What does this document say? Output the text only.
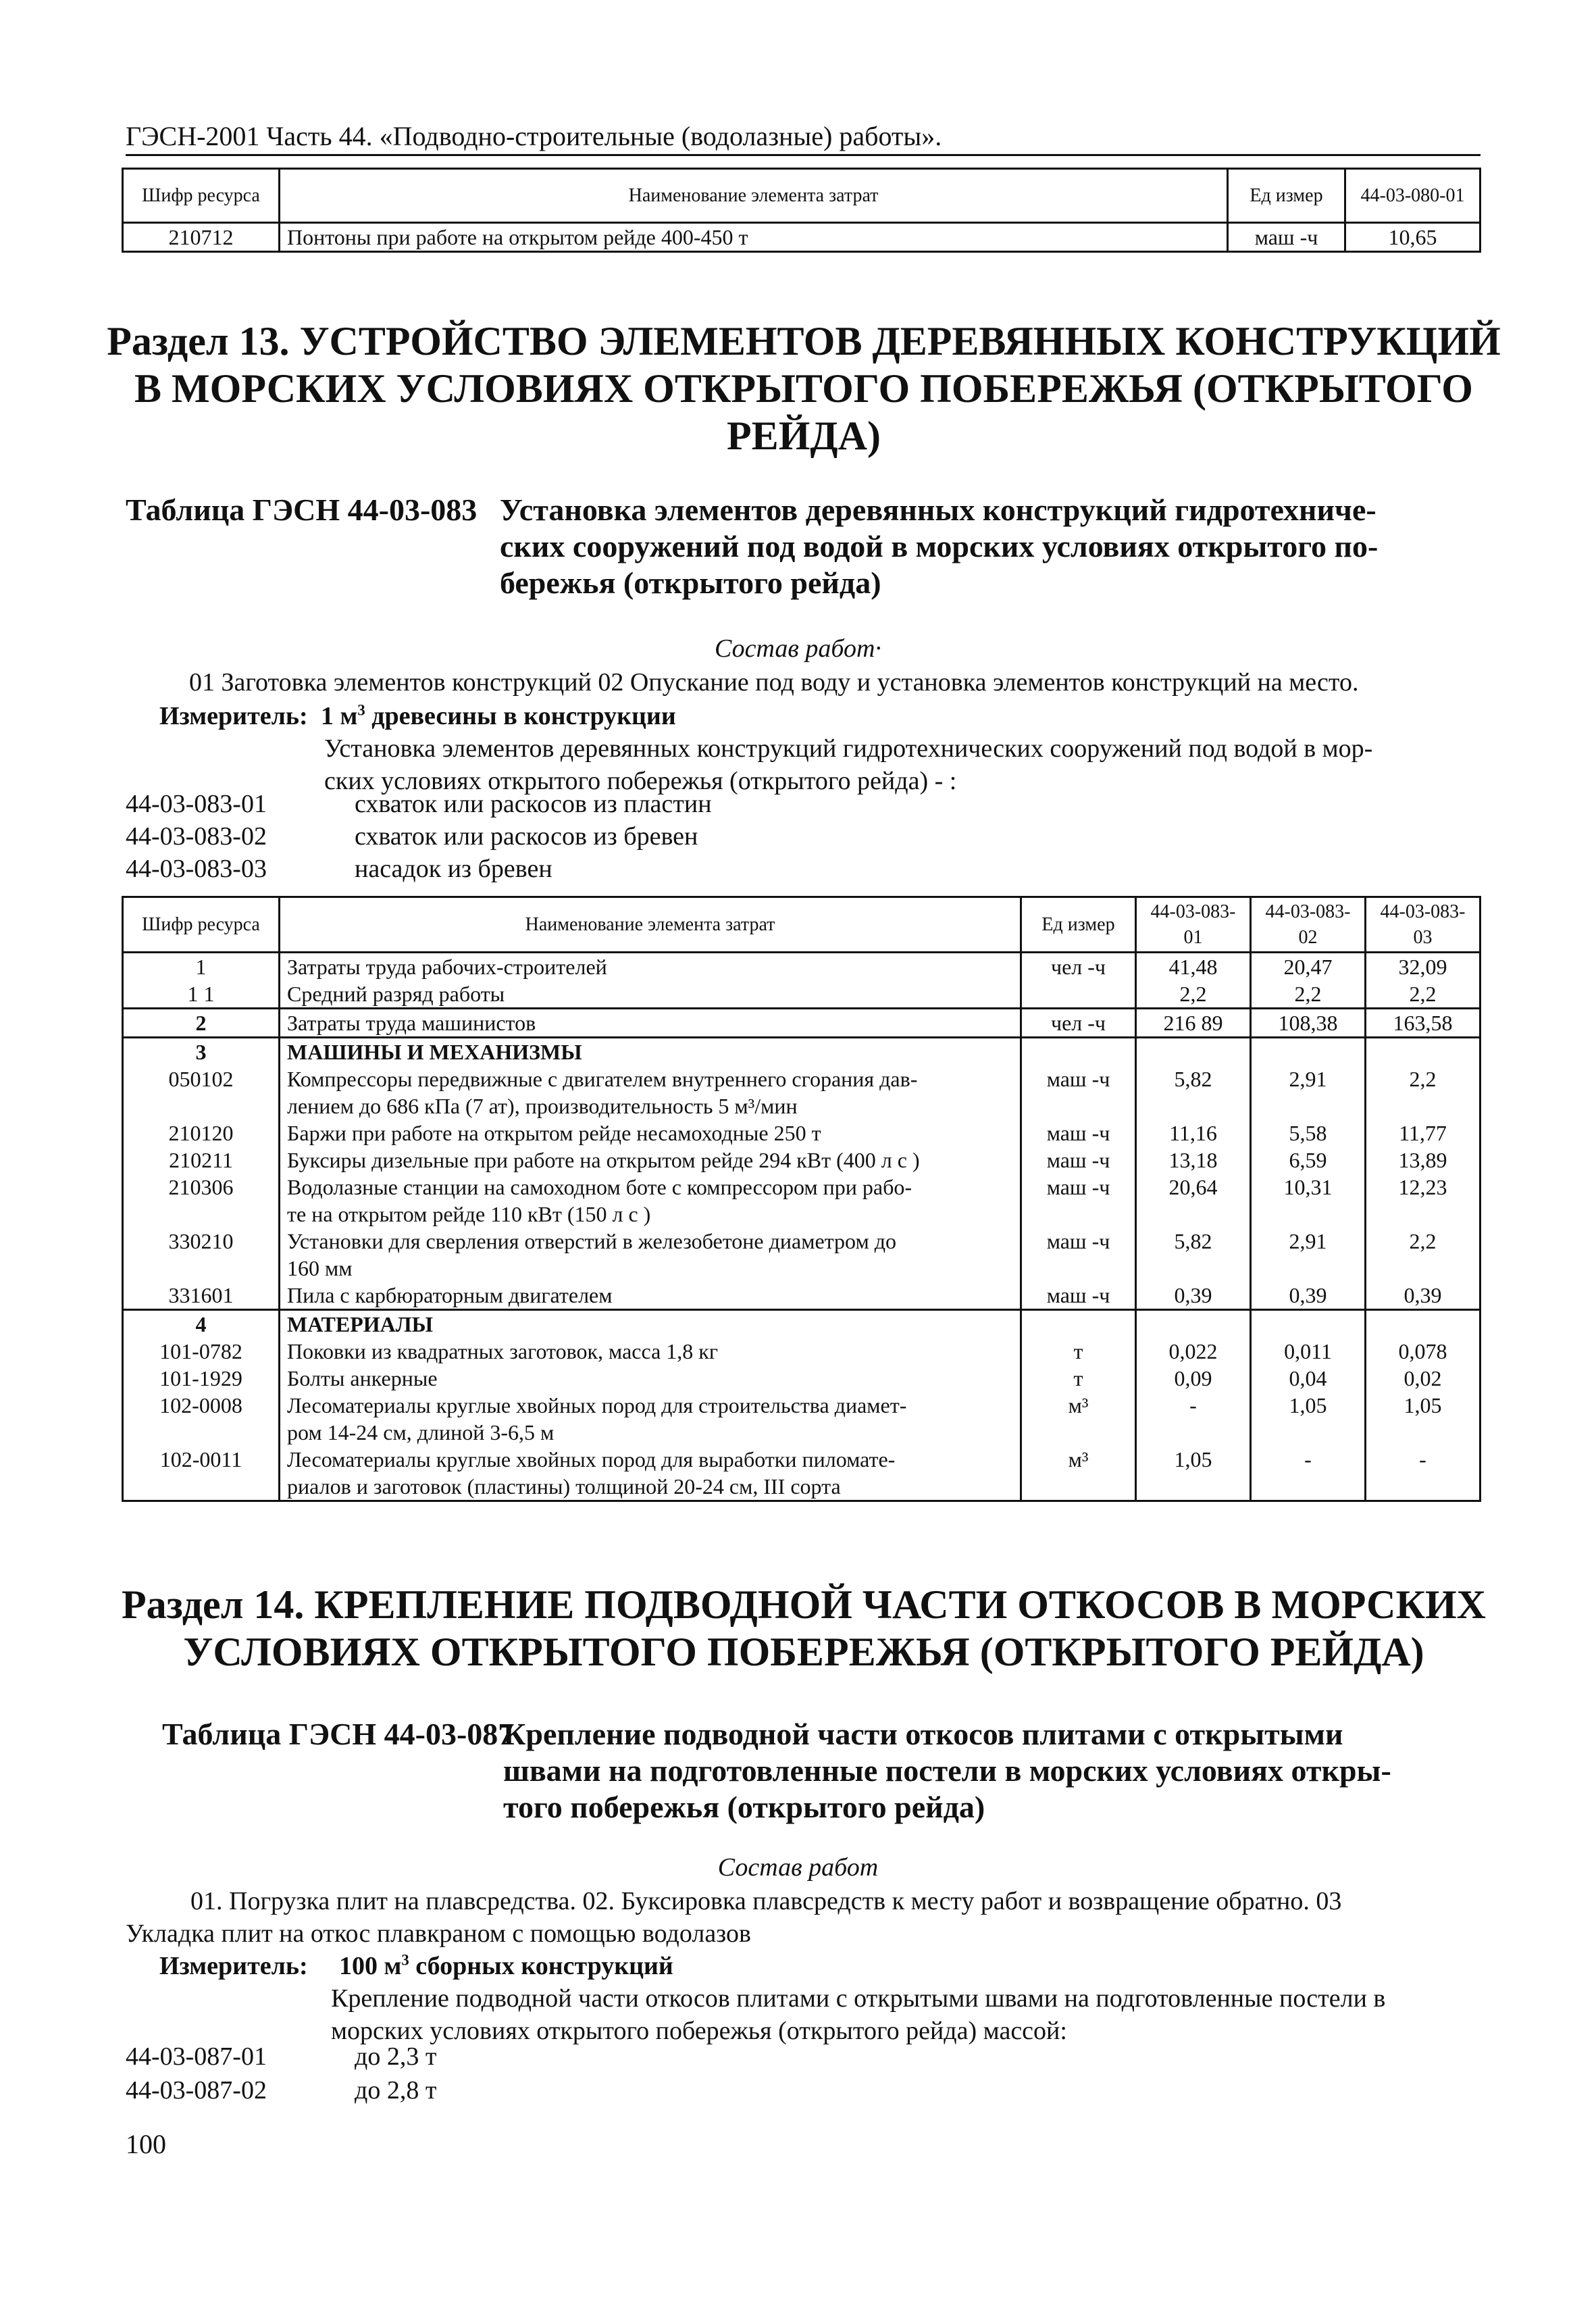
ГЭСН-2001 Часть 44. «Подводно-строительные (водолазные) работы».
Шифр ресурса	Наименование элемента затрат	Ед измер	44-03-080-01
210712	Понтоны при работе на открытом рейде 400-450 т	маш -ч	10,65
Раздел 13. УСТРОЙСТВО ЭЛЕМЕНТОВ ДЕРЕВЯННЫХ КОНСТРУКЦИЙ
В МОРСКИХ УСЛОВИЯХ ОТКРЫТОГО ПОБЕРЕЖЬЯ (ОТКРЫТОГО
РЕЙДА)
Таблица ГЭСН 44-03-083 Установка элементов деревянных конструкций гидротехниче-
ских сооружений под водой в морских условиях открытого по-
бережья (открытого рейда)
Состав работ·
01 Заготовка элементов конструкций 02 Опускание под воду и установка элементов конструкций на место.
Измеритель: 1 $м^3$ древесины в конструкции
Установка элементов деревянных конструкций гидротехнических сооружений под водой в мор-
ских условиях открытого побережья (открытого рейда) - :
44-03-083-01	схваток или раскосов из пластин
44-03-083-02	схваток или раскосов из бревен
44-03-083-03	насадок из бревен
Шифр ресурса	Наименование элемента затрат	Ед измер	44-03-083-01	44-03-083-02	44-03-083-03
1	Затраты труда рабочих-строителей	чел -ч	41,48	20,47	32,09
1 1	Средний разряд работы		2,2	2,2	2,2
2	Затраты труда машинистов	чел -ч	216 89	108,38	163,58
3	МАШИНЫ И МЕХАНИЗМЫ				
050102	Компрессоры передвижные с двигателем внутреннего сгорания дав-
лением до 686 кПа (7 ат), производительность 5 м³/мин	маш -ч	5,82	2,91	2,2
210120	Баржи при работе на открытом рейде несамоходные 250 т	маш -ч	11,16	5,58	11,77
210211	Буксиры дизельные при работе на открытом рейде 294 кВт (400 л с )	маш -ч	13,18	6,59	13,89
210306	Водолазные станции на самоходном боте с компрессором при рабо-
те на открытом рейде 110 кВт (150 л с )	маш -ч	20,64	10,31	12,23
330210	Установки для сверления отверстий в железобетоне диаметром до
160 мм	маш -ч	5,82	2,91	2,2
331601	Пила с карбюраторным двигателем	маш -ч	0,39	0,39	0,39
4	МАТЕРИАЛЫ				
101-0782	Поковки из квадратных заготовок, масса 1,8 кг	т	0,022	0,011	0,078
101-1929	Болты анкерные	т	0,09	0,04	0,02
102-0008	Лесоматериалы круглые хвойных пород для строительства диамет-
ром 14-24 см, длиной 3-6,5 м	м³	-	1,05	1,05
102-0011	Лесоматериалы круглые хвойных пород для выработки пиломате-
риалов и заготовок (пластины) толщиной 20-24 см, III сорта	м³	1,05	-	-
Раздел 14. КРЕПЛЕНИЕ ПОДВОДНОЙ ЧАСТИ ОТКОСОВ В МОРСКИХ
УСЛОВИЯХ ОТКРЫТОГО ПОБЕРЕЖЬЯ (ОТКРЫТОГО РЕЙДА)
Таблица ГЭСН 44-03-087
Крепление подводной части откосов плитами с открытыми
швами на подготовленные постели в морских условиях откры-
того побережья (открытого рейда)
Состав работ
01. Погрузка плит на плавсредства. 02. Буксировка плавсредств к месту работ и возвращение обратно. 03
Укладка плит на откос плавкраном с помощью водолазов
Измеритель: 100 $м^3$ сборных конструкций
Крепление подводной части откосов плитами с открытыми швами на подготовленные постели в
морских условиях открытого побережья (открытого рейда) массой:
44-03-087-01	до 2,3 т
44-03-087-02	до 2,8 т
100
